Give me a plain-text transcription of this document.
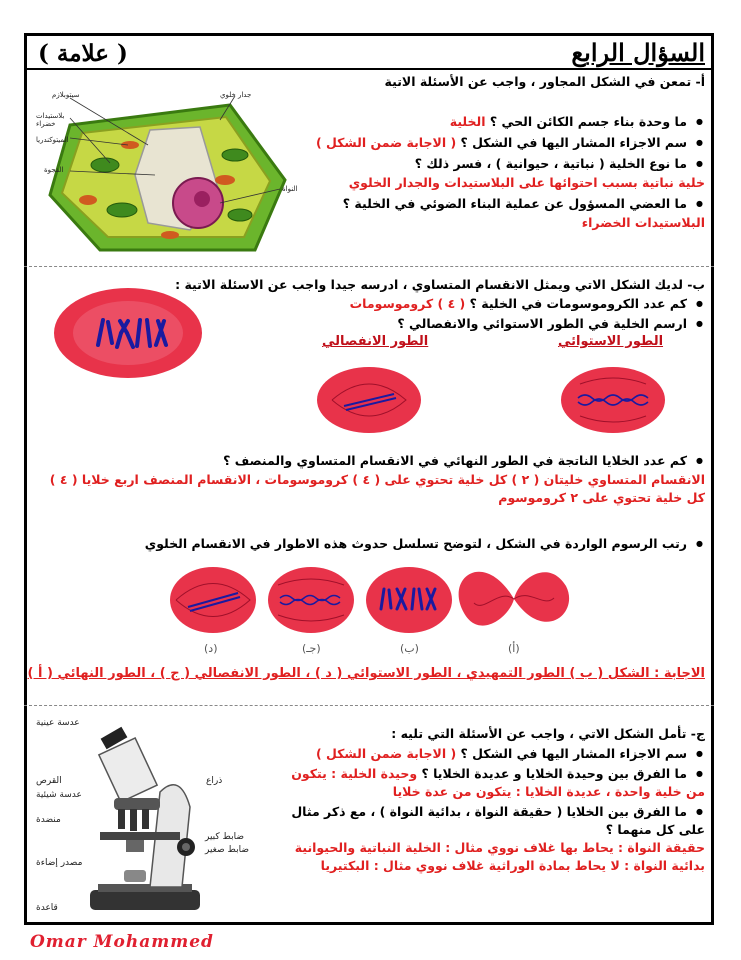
السؤال الرابع
( علامة )
أ- تمعن في الشكل المجاور ، واجب عن الأسئلة الاتية
سيتوبلازم	جدار خلوي
بلاستيدات خضراء
الميتوكندريا
الفجوة
النواة
ما وحدة بناء جسم الكائن الحي ؟ الخلية ●
سم الاجزاء المشار اليها في الشكل ؟ ( الاجابة ضمن الشكل ) ●
ما نوع الخلية ( نباتية ، حيوانية ) ، فسر ذلك ؟ ●
خلية نباتية بسبب احتوائها على البلاستيدات والجدار الخلوي
ما العضي المسؤول عن عملية البناء الضوئي في الخلية ؟ ●
البلاستيدات الخضراء
ب- لديك الشكل الاتي ويمثل الانقسام المتساوي ، ادرسه جيدا واجب عن الاسئلة الاتية :
كم عدد الكروموسومات في الخلية ؟ ( ٤ ) كروموسومات ●
ارسم الخلية في الطور الاستوائي والانفصالي ؟ ●
الطور الاستوائي
الطور الانفصالي
كم عدد الخلايا الناتجة في الطور النهائي في الانقسام المتساوي والمنصف ؟ ●
الانقسام المتساوي خليتان ( ٢ ) كل خلية تحتوي على ( ٤ ) كروموسومات ، الانقسام المنصف اربع خلايا ( ٤ )
كل خلية تحتوي على ٢ كروموسوم
رتب الرسوم الواردة في الشكل ، لتوضح تسلسل حدوث هذه الاطوار في الانقسام الخلوي ●
(د)	(جـ)	(ب)	(أ)
الاجابة : الشكل ( ب ) الطور التمهيدي ، الطور الاستوائي ( د ) ، الطور الانفصالي ( ج ) ، الطور النهائي ( أ )
عدسة عينية
ذراع
القرص
عدسة شيئية
منضدة
ضابط كبير
ضابط صغير
مصدر إضاءة
قاعدة
ج- تأمل الشكل الاتي ، واجب عن الأسئلة التي تليه :
سم الاجزاء المشار اليها في الشكل ؟ ( الاجابة ضمن الشكل ) ●
ما الفرق بين وحيدة الخلايا و عديدة الخلايا ؟ وحيدة الخلية : يتكون ●
من خلية واحدة ، عديدة الخلايا : يتكون من عدة خلايا
ما الفرق بين الخلايا ( حقيقة النواة ، بدائية النواة ) ، مع ذكر مثال ●
على كل منهما ؟
حقيقة النواة : يحاط بها غلاف نووي مثال : الخلية النباتية والحيوانية
بدائية النواة : لا يحاط بمادة الوراثية غلاف نووي مثال : البكتيريا
Omar Mohammed
